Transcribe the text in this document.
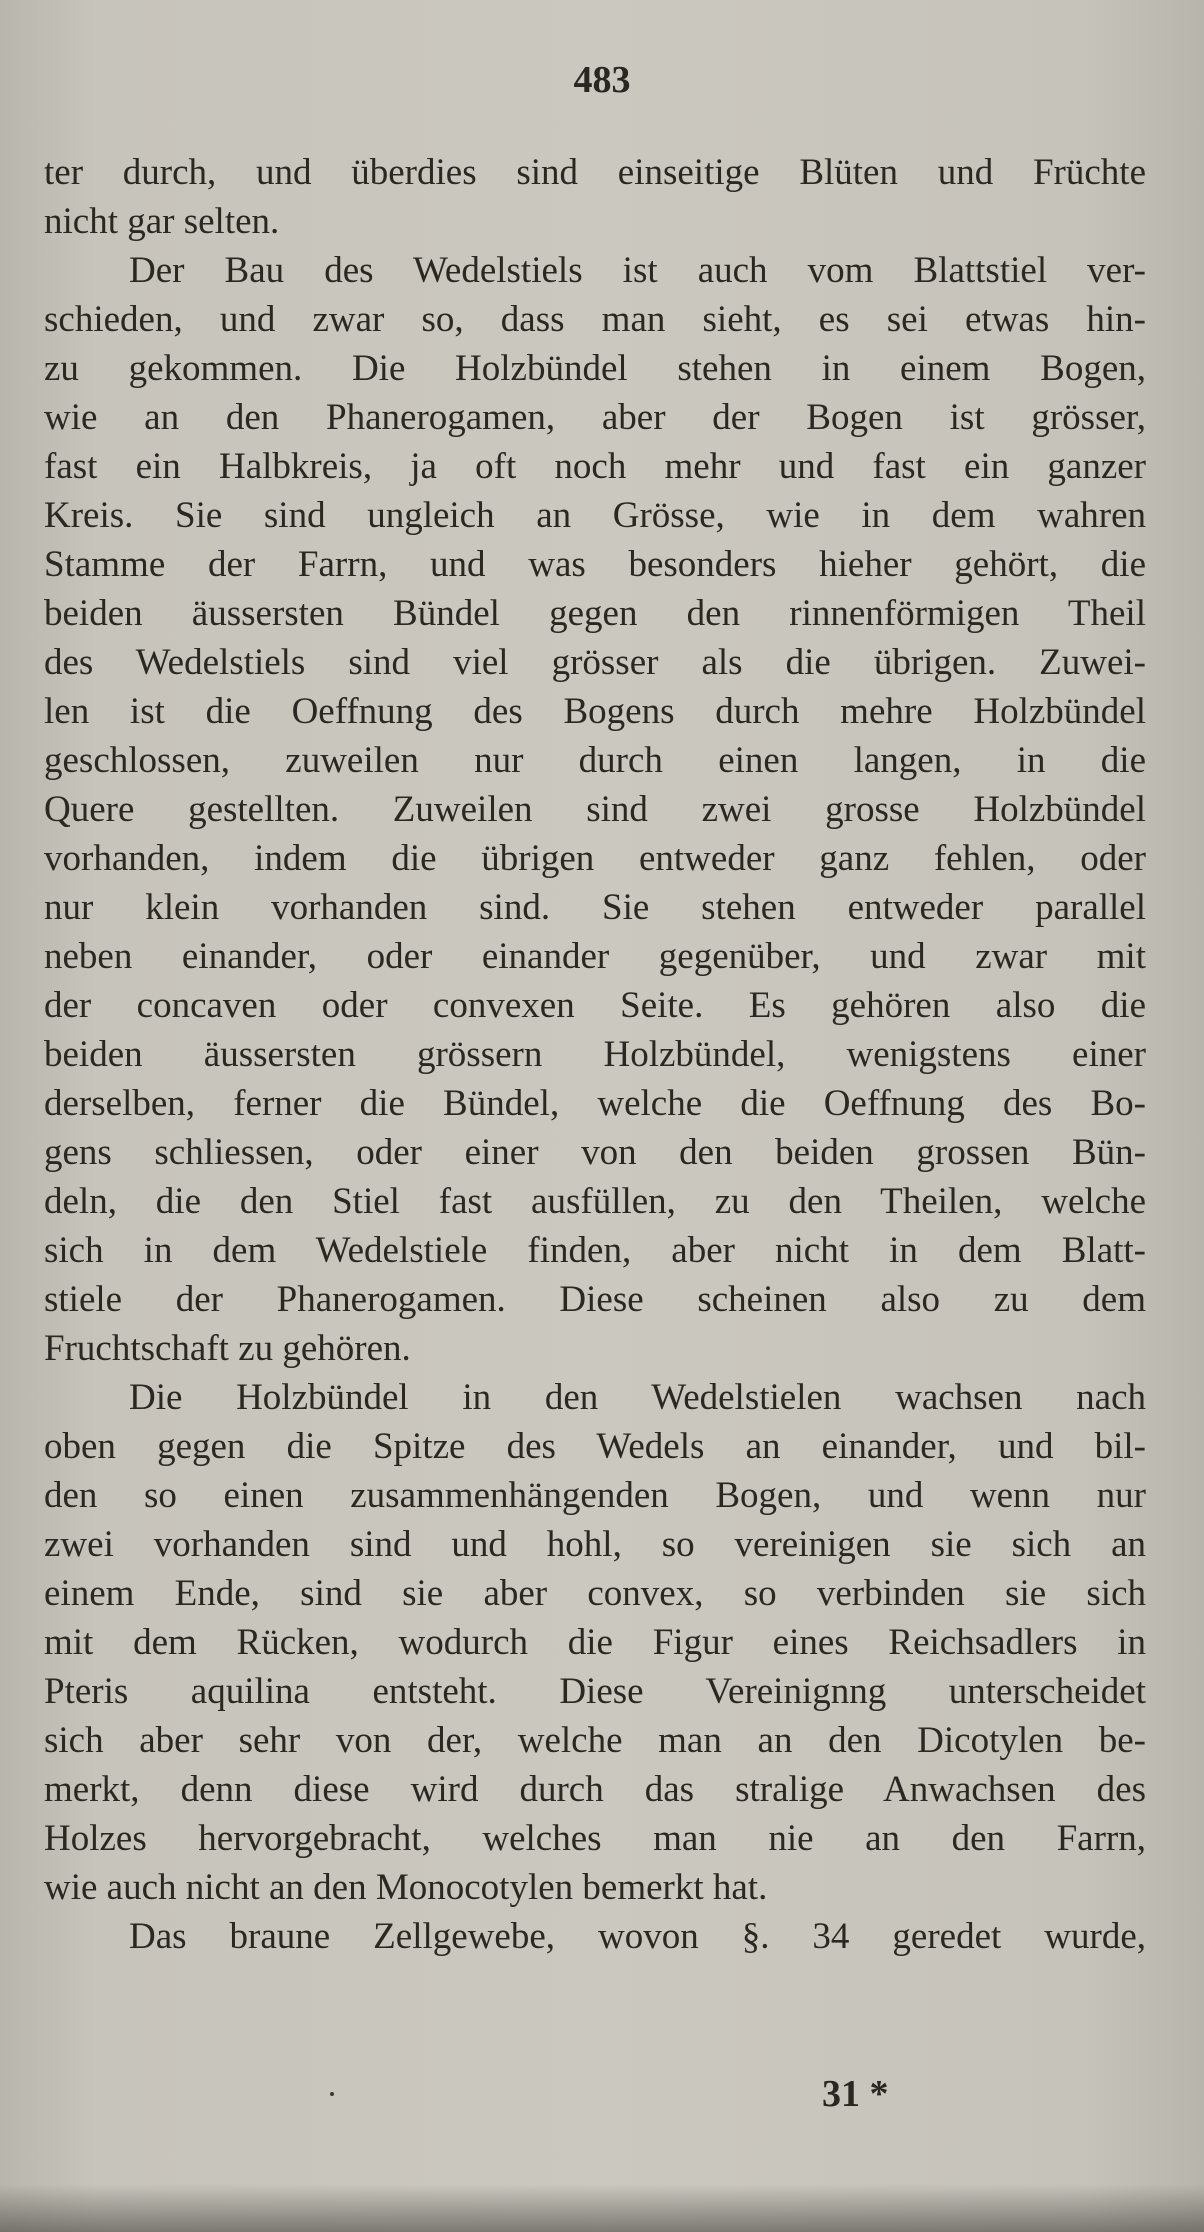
483
ter durch, und überdies sind einseitige Blüten und Früchte
nicht gar selten.
Der Bau des Wedelstiels ist auch vom Blattstiel ver-
schieden, und zwar so, dass man sieht, es sei etwas hin-
zu gekommen. Die Holzbündel stehen in einem Bogen,
wie an den Phanerogamen, aber der Bogen ist grösser,
fast ein Halbkreis, ja oft noch mehr und fast ein ganzer
Kreis. Sie sind ungleich an Grösse, wie in dem wahren
Stamme der Farrn, und was besonders hieher gehört, die
beiden äussersten Bündel gegen den rinnenförmigen Theil
des Wedelstiels sind viel grösser als die übrigen. Zuwei-
len ist die Oeffnung des Bogens durch mehre Holzbündel
geschlossen, zuweilen nur durch einen langen, in die
Quere gestellten. Zuweilen sind zwei grosse Holzbündel
vorhanden, indem die übrigen entweder ganz fehlen, oder
nur klein vorhanden sind. Sie stehen entweder parallel
neben einander, oder einander gegenüber, und zwar mit
der concaven oder convexen Seite. Es gehören also die
beiden äussersten grössern Holzbündel, wenigstens einer
derselben, ferner die Bündel, welche die Oeffnung des Bo-
gens schliessen, oder einer von den beiden grossen Bün-
deln, die den Stiel fast ausfüllen, zu den Theilen, welche
sich in dem Wedelstiele finden, aber nicht in dem Blatt-
stiele der Phanerogamen. Diese scheinen also zu dem
Fruchtschaft zu gehören.
Die Holzbündel in den Wedelstielen wachsen nach
oben gegen die Spitze des Wedels an einander, und bil-
den so einen zusammenhängenden Bogen, und wenn nur
zwei vorhanden sind und hohl, so vereinigen sie sich an
einem Ende, sind sie aber convex, so verbinden sie sich
mit dem Rücken, wodurch die Figur eines Reichsadlers in
Pteris aquilina entsteht. Diese Vereinignng unterscheidet
sich aber sehr von der, welche man an den Dicotylen be-
merkt, denn diese wird durch das stralige Anwachsen des
Holzes hervorgebracht, welches man nie an den Farrn,
wie auch nicht an den Monocotylen bemerkt hat.
Das braune Zellgewebe, wovon §. 34 geredet wurde,
31 *
